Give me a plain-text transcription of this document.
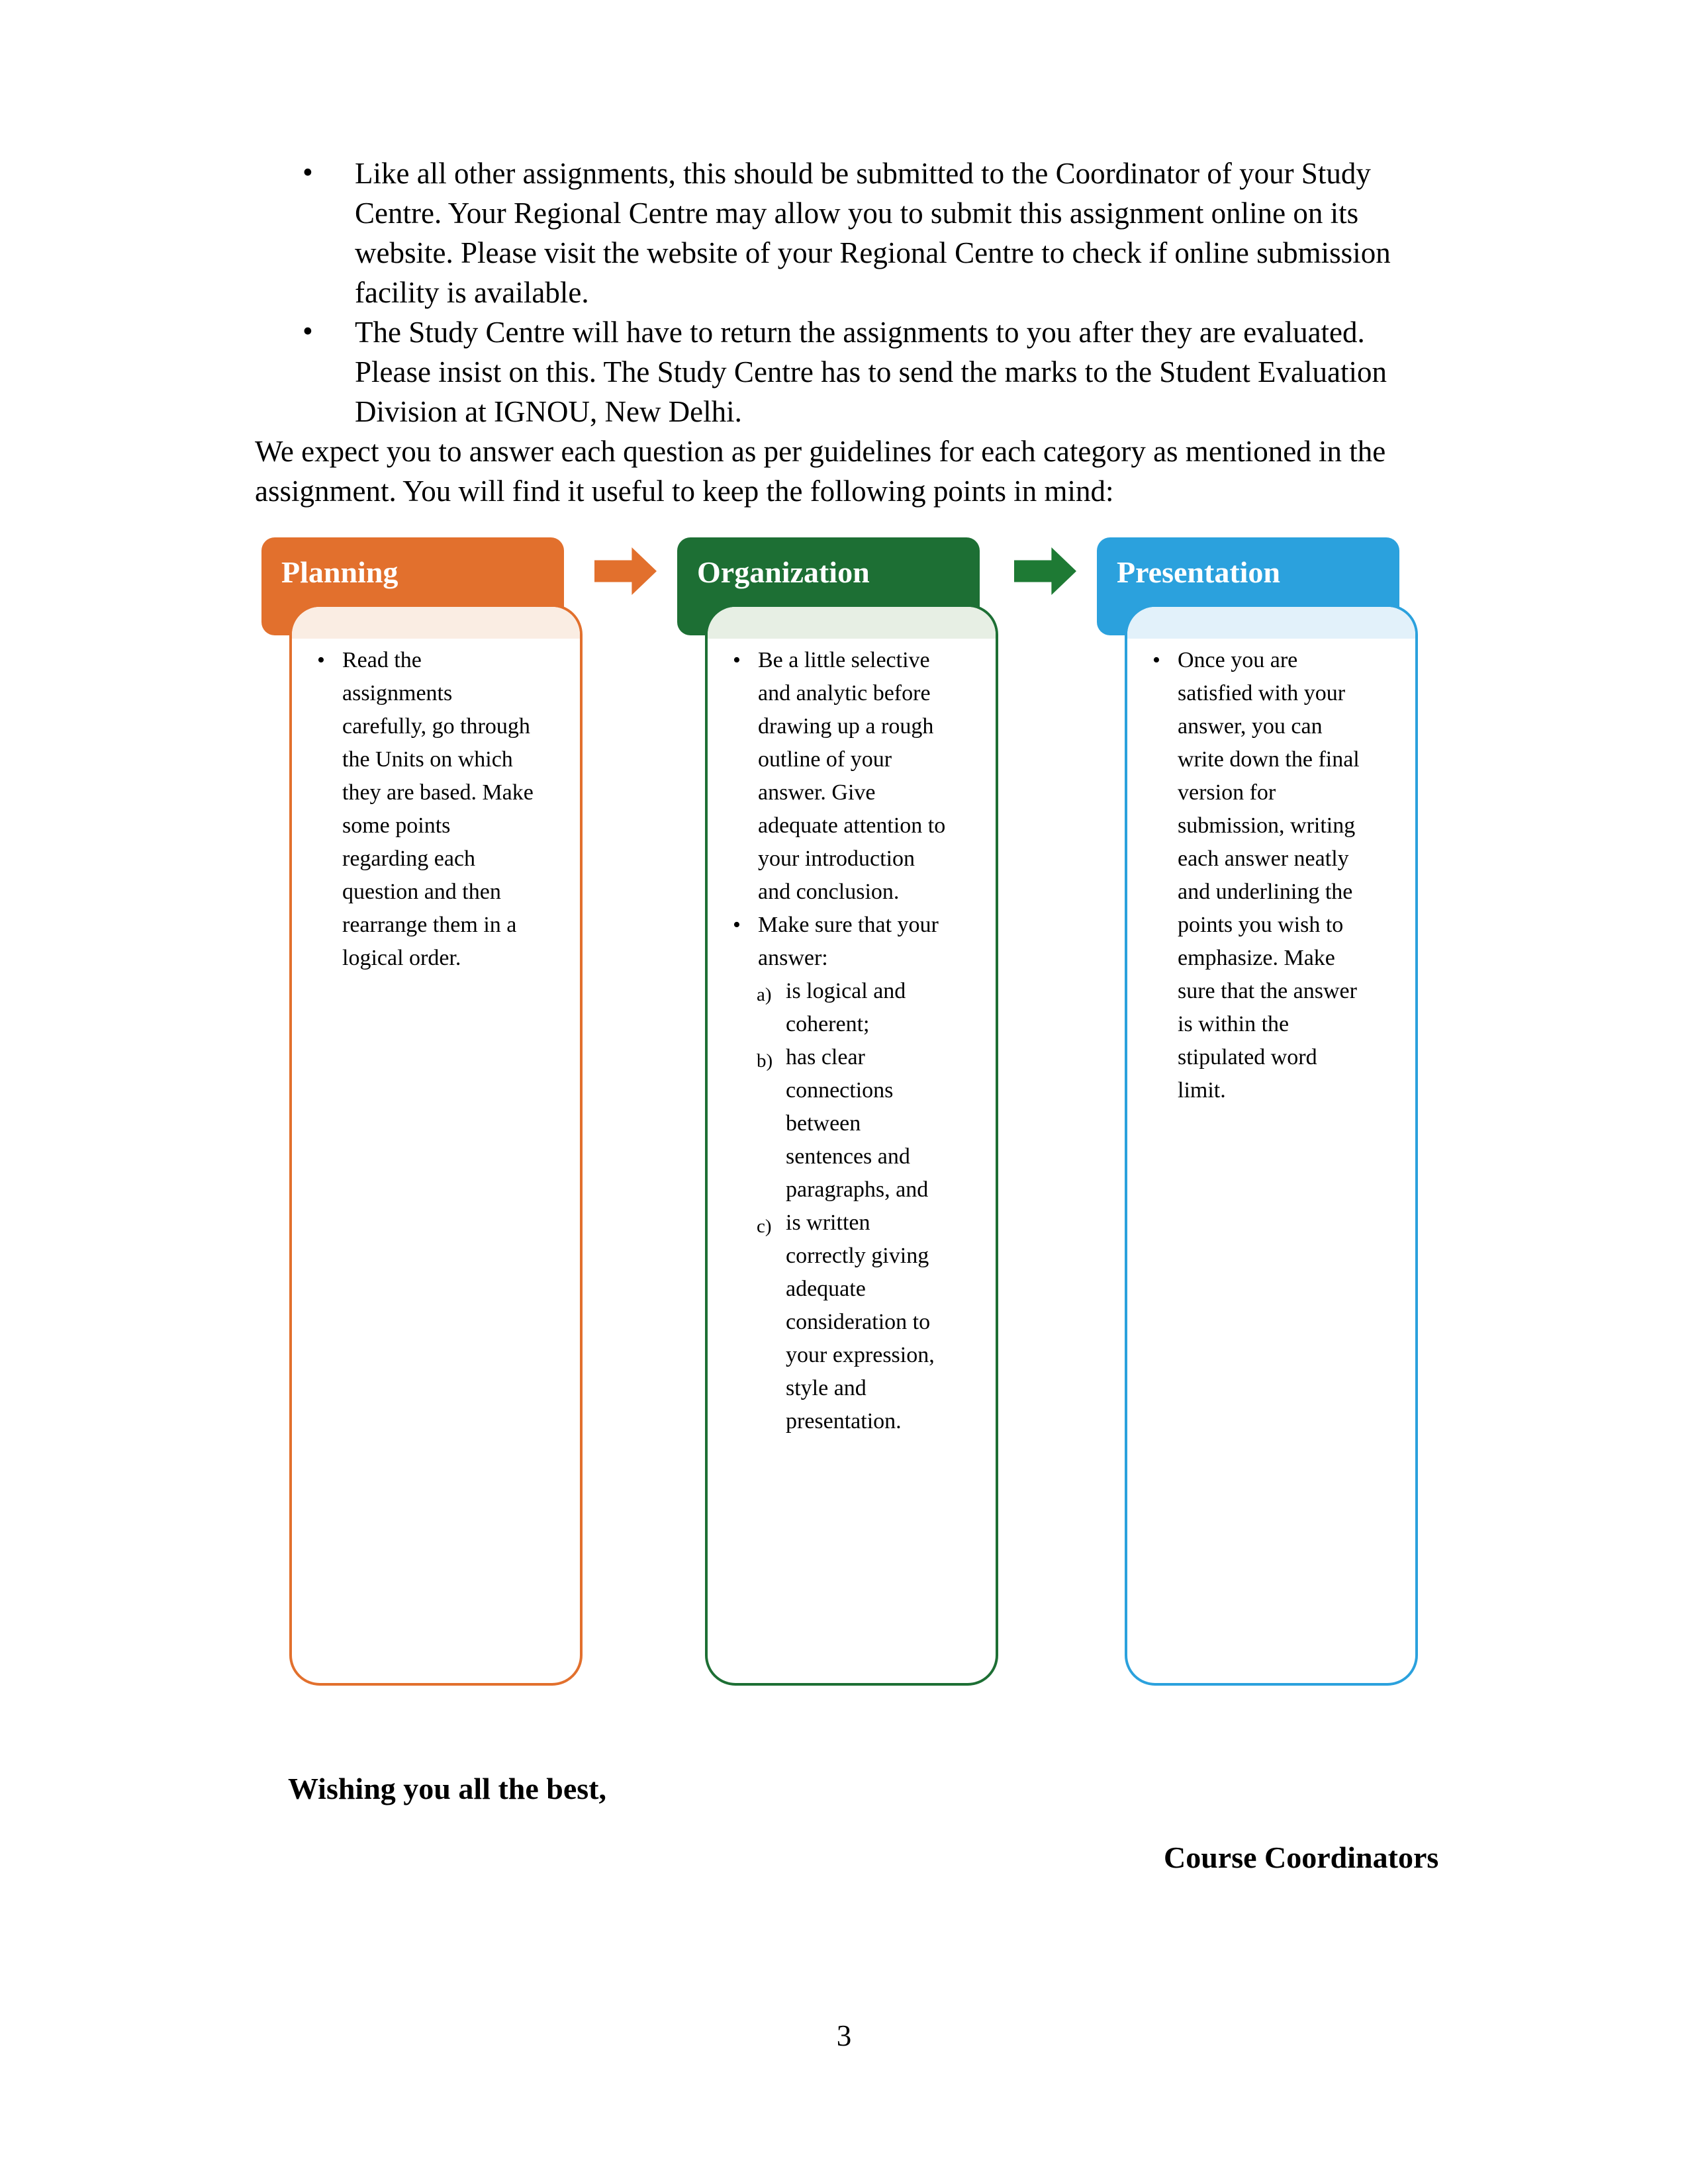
• Like all other assignments, this should be submitted to the Coordinator of your Study Centre. Your Regional Centre may allow you to submit this assignment online on its website. Please visit the website of your Regional Centre to check if online submission facility is available.

• The Study Centre will have to return the assignments to you after they are evaluated. Please insist on this. The Study Centre has to send the marks to the Student Evaluation Division at IGNOU, New Delhi.

We expect you to answer each question as per guidelines for each category as mentioned in the assignment. You will find it useful to keep the following points in mind:

Planning	Organization	Presentation
• Read the assignments carefully, go through the Units on which they are based. Make some points regarding each question and then rearrange them in a logical order.

• Be a little selective and analytic before drawing up a rough outline of your answer. Give adequate attention to your introduction and conclusion.

• Make sure that your answer:

a) is logical and coherent;

b) has clear connections between sentences and paragraphs, and

c) is written correctly giving adequate consideration to your expression, style and presentation.

• Once you are satisfied with your answer, you can write down the final version for submission, writing each answer neatly and underlining the points you wish to emphasize. Make sure that the answer is within the stipulated word limit.

Wishing you all the best,

Course Coordinators

3
